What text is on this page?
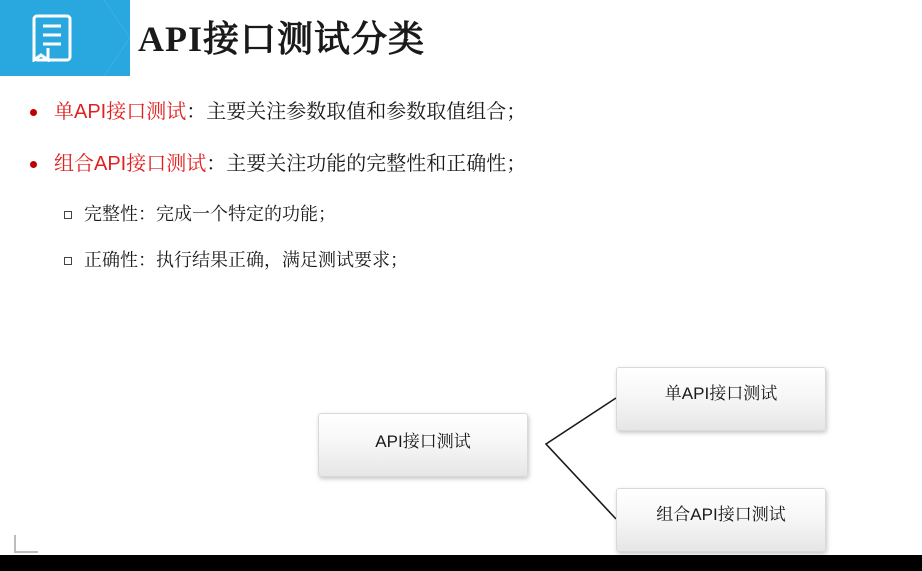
API接口测试分类
单API接口测试：主要关注参数取值和参数取值组合；
组合API接口测试：主要关注功能的完整性和正确性；
完整性：完成一个特定的功能；
正确性：执行结果正确，满足测试要求；
API接口测试
单API接口测试
组合API接口测试
